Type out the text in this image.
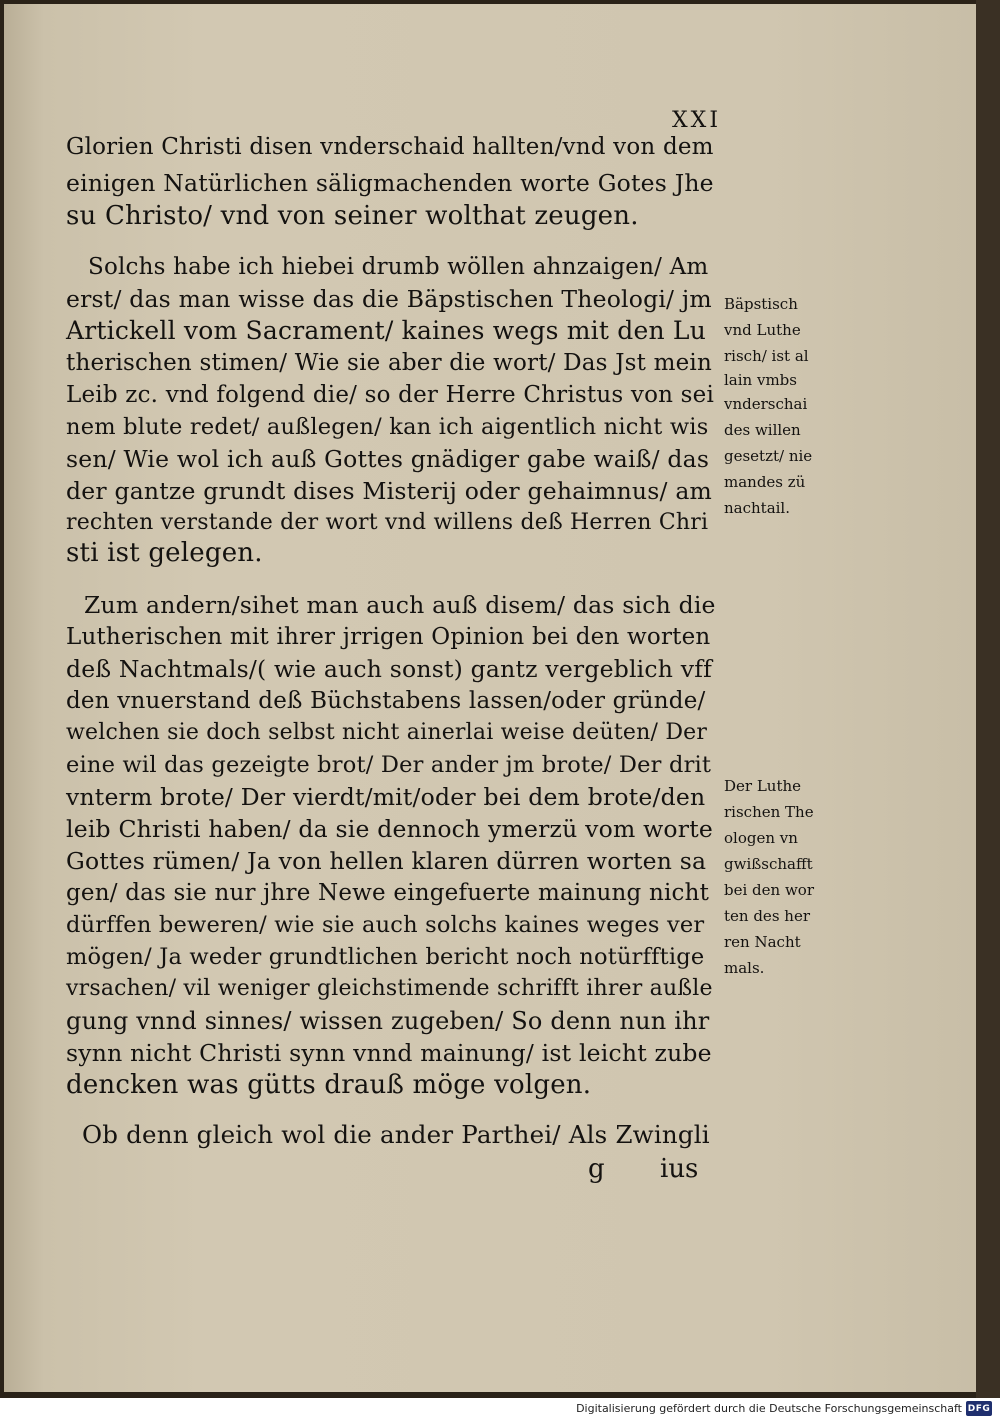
XXI
Glorien Christi disen vnderschaid hallten/vnd von dem
einigen Natürlichen säligmachenden worte Gotes Jhe
su Christo/ vnd von seiner wolthat zeugen.
Solchs habe ich hiebei drumb wöllen ahnzaigen/ Am
erst/ das man wisse das die Bäpstischen Theologi/ jm
Artickell vom Sacrament/ kaines wegs mit den Lu
therischen stimen/ Wie sie aber die wort/ Das Jst mein
Leib zc. vnd folgend die/ so der Herre Christus von sei
nem blute redet/ außlegen/ kan ich aigentlich nicht wis
sen/ Wie wol ich auß Gottes gnädiger gabe waiß/ das
der gantze grundt dises Misterij oder gehaimnus/ am
rechten verstande der wort vnd willens deß Herren Chri
sti ist gelegen.
Zum andern/sihet man auch auß disem/ das sich die
Lutherischen mit ihrer jrrigen Opinion bei den worten
deß Nachtmals/( wie auch sonst) gantz vergeblich vff
den vnuerstand deß Büchstabens lassen/oder gründe/
welchen sie doch selbst nicht ainerlai weise deüten/ Der
eine wil das gezeigte brot/ Der ander jm brote/ Der drit
vnterm brote/ Der vierdt/mit/oder bei dem brote/den
leib Christi haben/ da sie dennoch ymerzü vom worte
Gottes rümen/ Ja von hellen klaren dürren worten sa
gen/ das sie nur jhre Newe eingefuerte mainung nicht
dürffen beweren/ wie sie auch solchs kaines weges ver
mögen/ Ja weder grundtlichen bericht noch notürfftige
vrsachen/ vil weniger gleichstimende schrifft ihrer außle
gung vnnd sinnes/ wissen zugeben/ So denn nun ihr
synn nicht Christi synn vnnd mainung/ ist leicht zube
dencken was gütts drauß möge volgen.
Ob denn gleich wol die ander Parthei/ Als Zwingli
g ius
Bäpstisch
vnd Luthe
risch/ ist al
lain vmbs
vnderschai
des willen
gesetzt/ nie
mandes zü
nachtail.
Der Luthe
rischen The
ologen vn
gwißschafft
bei den wor
ten des her
ren Nacht
mals.
Digitalisierung gefördert durch die Deutsche Forschungsgemeinschaft DFG
